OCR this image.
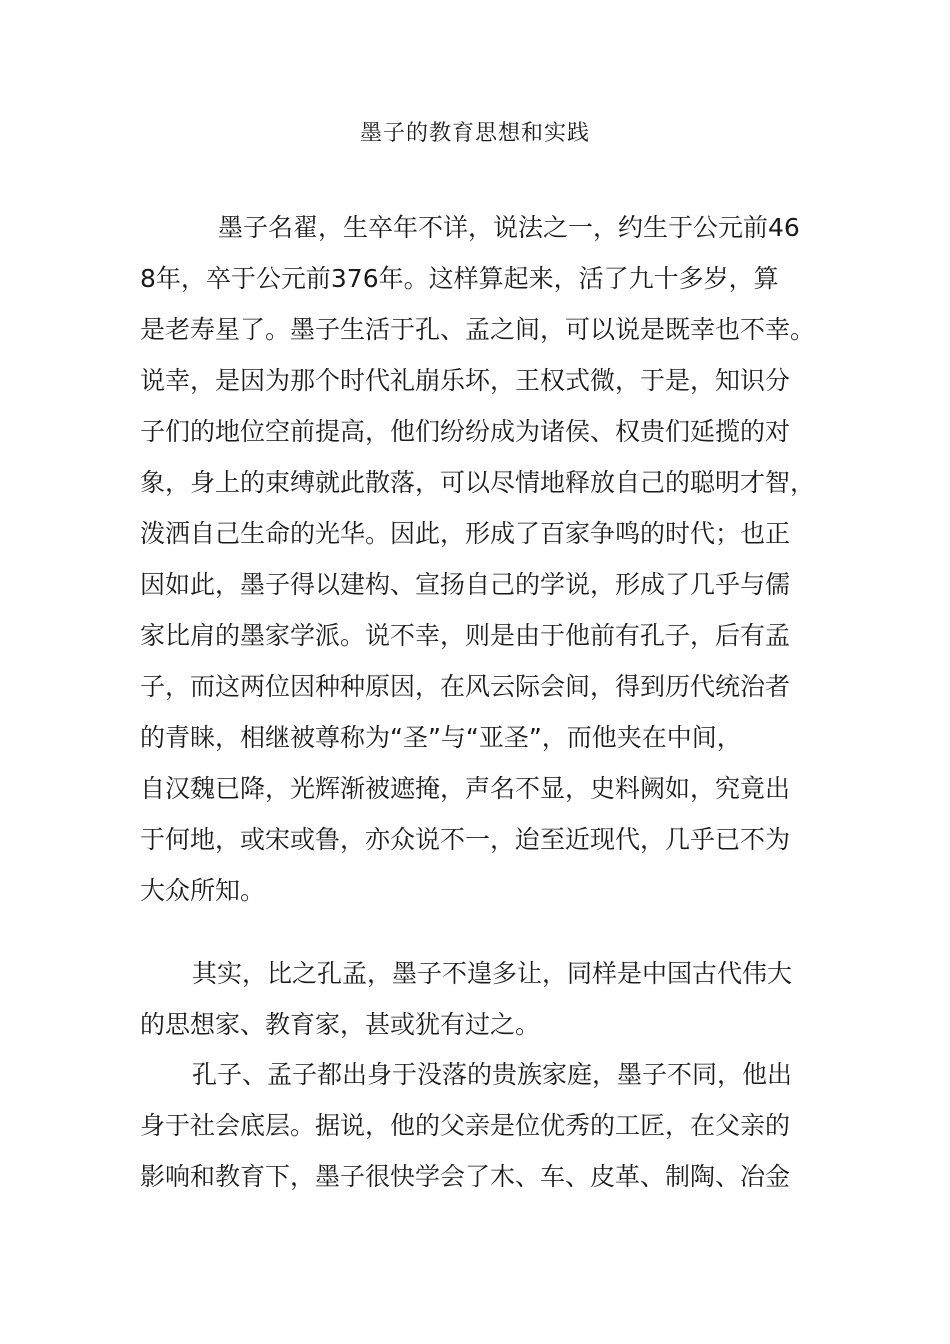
墨子的教育思想和实践
墨子名翟，生卒年不详，说法之一，约生于公元前46
8年，卒于公元前376年。这样算起来，活了九十多岁，算
是老寿星了。墨子生活于孔、孟之间，可以说是既幸也不幸。
说幸，是因为那个时代礼崩乐坏，王权式微，于是，知识分
子们的地位空前提高，他们纷纷成为诸侯、权贵们延揽的对
象，身上的束缚就此散落，可以尽情地释放自己的聪明才智，
泼洒自己生命的光华。因此，形成了百家争鸣的时代；也正
因如此，墨子得以建构、宣扬自己的学说，形成了几乎与儒
家比肩的墨家学派。说不幸，则是由于他前有孔子，后有孟
子，而这两位因种种原因，在风云际会间，得到历代统治者
的青睐，相继被尊称为“圣”与“亚圣”，而他夹在中间，
自汉魏已降，光辉渐被遮掩，声名不显，史料阙如，究竟出
于何地，或宋或鲁，亦众说不一，迨至近现代，几乎已不为
大众所知。
其实，比之孔孟，墨子不遑多让，同样是中国古代伟大
的思想家、教育家，甚或犹有过之。
孔子、孟子都出身于没落的贵族家庭，墨子不同，他出
身于社会底层。据说，他的父亲是位优秀的工匠，在父亲的
影响和教育下，墨子很快学会了木、车、皮革、制陶、冶金
